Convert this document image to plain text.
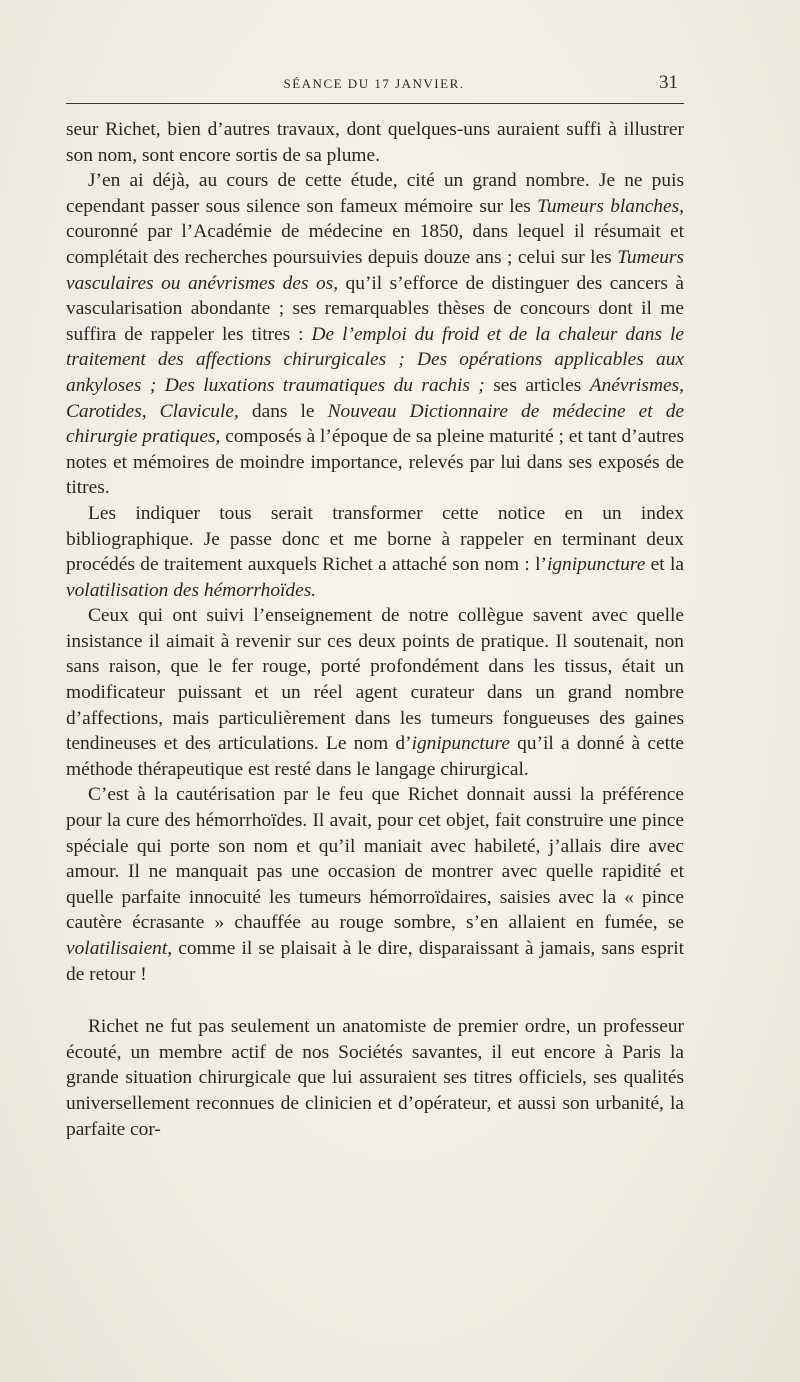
SÉANCE DU 17 JANVIER.	31

seur Richet, bien d’autres travaux, dont quelques-uns auraient suffi à illustrer son nom, sont encore sortis de sa plume.

J’en ai déjà, au cours de cette étude, cité un grand nombre. Je ne puis cependant passer sous silence son fameux mémoire sur les Tumeurs blanches, couronné par l’Académie de médecine en 1850, dans lequel il résumait et complétait des recherches poursuivies depuis douze ans ; celui sur les Tumeurs vasculaires ou anévrismes des os, qu’il s’efforce de distinguer des cancers à vascularisation abondante ; ses remarquables thèses de concours dont il me suffira de rappeler les titres : De l’emploi du froid et de la chaleur dans le traitement des affections chirurgicales ; Des opérations applicables aux ankyloses ; Des luxations traumatiques du rachis ; ses articles Anévrismes, Carotides, Clavicule, dans le Nouveau Dictionnaire de médecine et de chirurgie pratiques, composés à l’époque de sa pleine maturité ; et tant d’autres notes et mémoires de moindre importance, relevés par lui dans ses exposés de titres.

Les indiquer tous serait transformer cette notice en un index bibliographique. Je passe donc et me borne à rappeler en terminant deux procédés de traitement auxquels Richet a attaché son nom : l’ignipuncture et la volatilisation des hémorrhoïdes.

Ceux qui ont suivi l’enseignement de notre collègue savent avec quelle insistance il aimait à revenir sur ces deux points de pratique. Il soutenait, non sans raison, que le fer rouge, porté profondément dans les tissus, était un modificateur puissant et un réel agent curateur dans un grand nombre d’affections, mais particulièrement dans les tumeurs fongueuses des gaines tendineuses et des articulations. Le nom d’ignipuncture qu’il a donné à cette méthode thérapeutique est resté dans le langage chirurgical.

C’est à la cautérisation par le feu que Richet donnait aussi la préférence pour la cure des hémorrhoïdes. Il avait, pour cet objet, fait construire une pince spéciale qui porte son nom et qu’il maniait avec habileté, j’allais dire avec amour. Il ne manquait pas une occasion de montrer avec quelle rapidité et quelle parfaite innocuité les tumeurs hémorroïdaires, saisies avec la « pince cautère écrasante » chauffée au rouge sombre, s’en allaient en fumée, se volatilisaient, comme il se plaisait à le dire, disparaissant à jamais, sans esprit de retour !

Richet ne fut pas seulement un anatomiste de premier ordre, un professeur écouté, un membre actif de nos Sociétés savantes, il eut encore à Paris la grande situation chirurgicale que lui assuraient ses titres officiels, ses qualités universellement reconnues de clinicien et d’opérateur, et aussi son urbanité, la parfaite cor-
